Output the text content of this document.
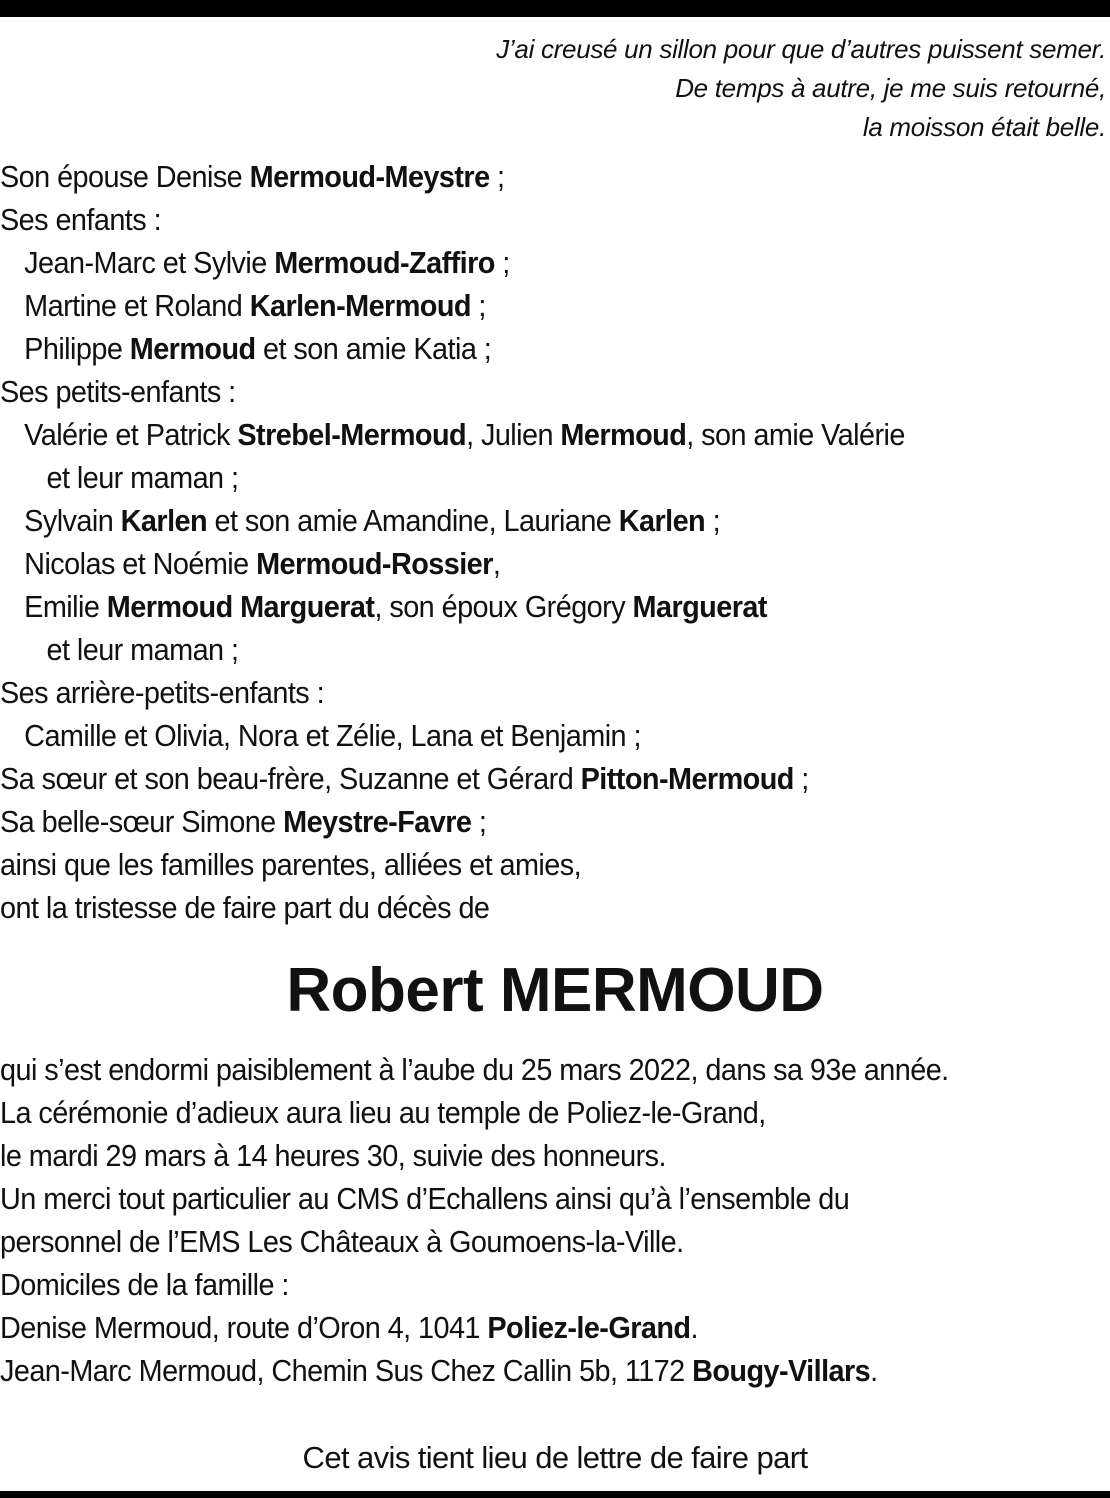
J’ai creusé un sillon pour que d’autres puissent semer.
De temps à autre, je me suis retourné,
la moisson était belle.
Son épouse Denise Mermoud-Meystre ;
Ses enfants :
Jean-Marc et Sylvie Mermoud-Zaffiro ;
Martine et Roland Karlen-Mermoud ;
Philippe Mermoud et son amie Katia ;
Ses petits-enfants :
Valérie et Patrick Strebel-Mermoud, Julien Mermoud, son amie Valérie
et leur maman ;
Sylvain Karlen et son amie Amandine, Lauriane Karlen ;
Nicolas et Noémie Mermoud-Rossier,
Emilie Mermoud Marguerat, son époux Grégory Marguerat
et leur maman ;
Ses arrière-petits-enfants :
Camille et Olivia, Nora et Zélie, Lana et Benjamin ;
Sa sœur et son beau-frère, Suzanne et Gérard Pitton-Mermoud ;
Sa belle-sœur Simone Meystre-Favre ;
ainsi que les familles parentes, alliées et amies,
ont la tristesse de faire part du décès de
Robert MERMOUD
qui s’est endormi paisiblement à l’aube du 25 mars 2022, dans sa 93e année.
La cérémonie d’adieux aura lieu au temple de Poliez-le-Grand,
le mardi 29 mars à 14 heures 30, suivie des honneurs.
Un merci tout particulier au CMS d’Echallens ainsi qu’à l’ensemble du
personnel de l’EMS Les Châteaux à Goumoens-la-Ville.
Domiciles de la famille :
Denise Mermoud, route d’Oron 4, 1041 Poliez-le-Grand.
Jean-Marc Mermoud, Chemin Sus Chez Callin 5b, 1172 Bougy-Villars.
Cet avis tient lieu de lettre de faire part
